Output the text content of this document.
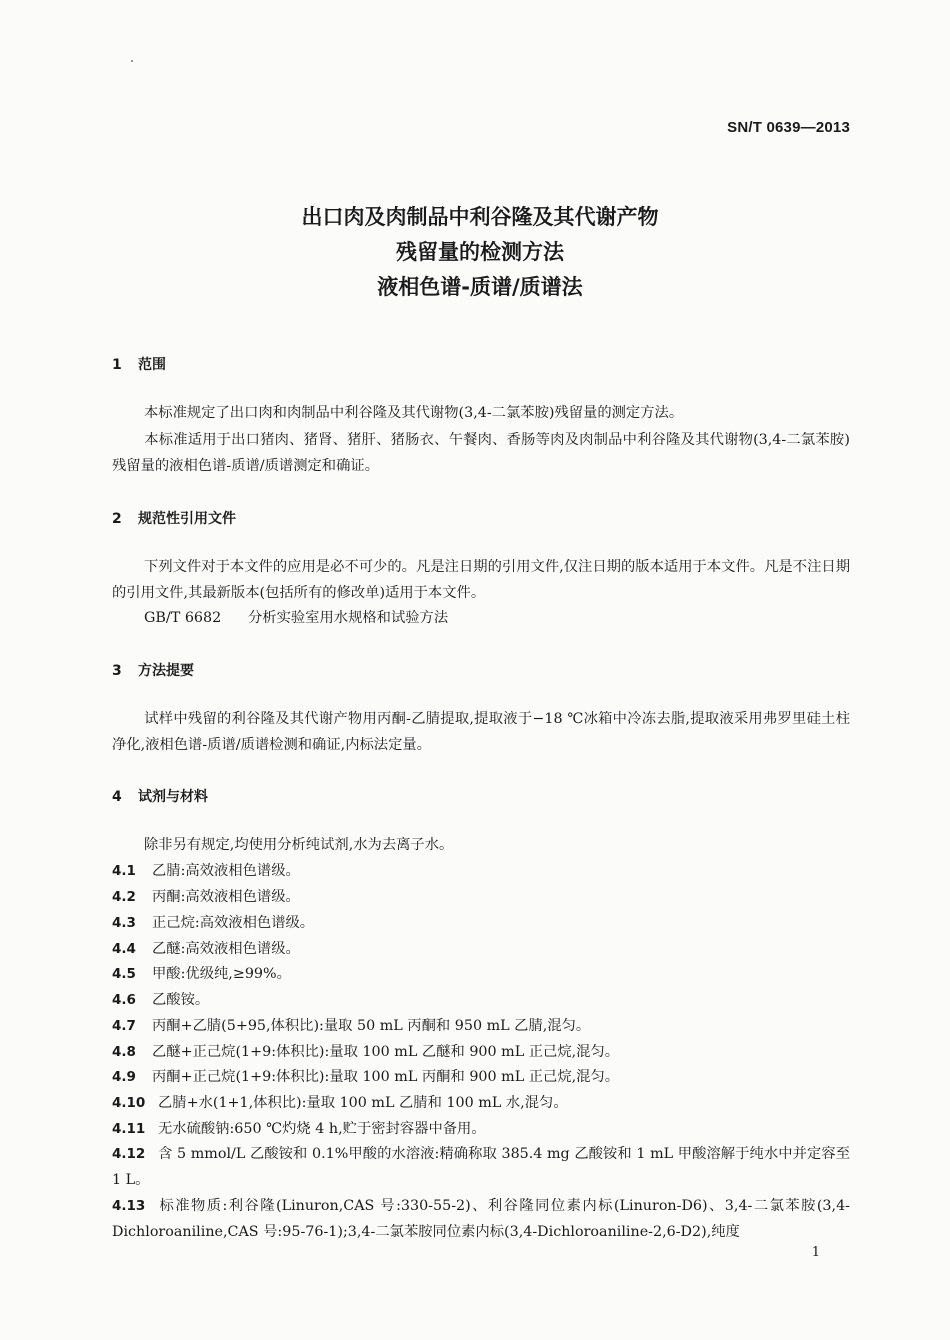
SN/T 0639—2013
出口肉及肉制品中利谷隆及其代谢产物
残留量的检测方法
液相色谱-质谱/质谱法
1 范围
本标准规定了出口肉和肉制品中利谷隆及其代谢物(3,4-二氯苯胺)残留量的测定方法。
本标准适用于出口猪肉、猪肾、猪肝、猪肠衣、午餐肉、香肠等肉及肉制品中利谷隆及其代谢物(3,4-二氯苯胺)残留量的液相色谱-质谱/质谱测定和确证。
2 规范性引用文件
下列文件对于本文件的应用是必不可少的。凡是注日期的引用文件,仅注日期的版本适用于本文件。凡是不注日期的引用文件,其最新版本(包括所有的修改单)适用于本文件。
GB/T 6682 分析实验室用水规格和试验方法
3 方法提要
试样中残留的利谷隆及其代谢产物用丙酮-乙腈提取,提取液于−18 ℃冰箱中冷冻去脂,提取液采用弗罗里硅土柱净化,液相色谱-质谱/质谱检测和确证,内标法定量。
4 试剂与材料
除非另有规定,均使用分析纯试剂,水为去离子水。
4.1 乙腈:高效液相色谱级。
4.2 丙酮:高效液相色谱级。
4.3 正己烷:高效液相色谱级。
4.4 乙醚:高效液相色谱级。
4.5 甲酸:优级纯,≥99%。
4.6 乙酸铵。
4.7 丙酮+乙腈(5+95,体积比):量取 50 mL 丙酮和 950 mL 乙腈,混匀。
4.8 乙醚+正己烷(1+9:体积比):量取 100 mL 乙醚和 900 mL 正己烷,混匀。
4.9 丙酮+正己烷(1+9:体积比):量取 100 mL 丙酮和 900 mL 正己烷,混匀。
4.10 乙腈+水(1+1,体积比):量取 100 mL 乙腈和 100 mL 水,混匀。
4.11 无水硫酸钠:650 ℃灼烧 4 h,贮于密封容器中备用。
4.12 含 5 mmol/L 乙酸铵和 0.1%甲酸的水溶液:精确称取 385.4 mg 乙酸铵和 1 mL 甲酸溶解于纯水中并定容至 1 L。
4.13 标准物质:利谷隆(Linuron,CAS 号:330-55-2)、利谷隆同位素内标(Linuron-D6)、3,4-二氯苯胺(3,4-Dichloroaniline,CAS 号:95-76-1);3,4-二氯苯胺同位素内标(3,4-Dichloroaniline-2,6-D2),纯度
1
